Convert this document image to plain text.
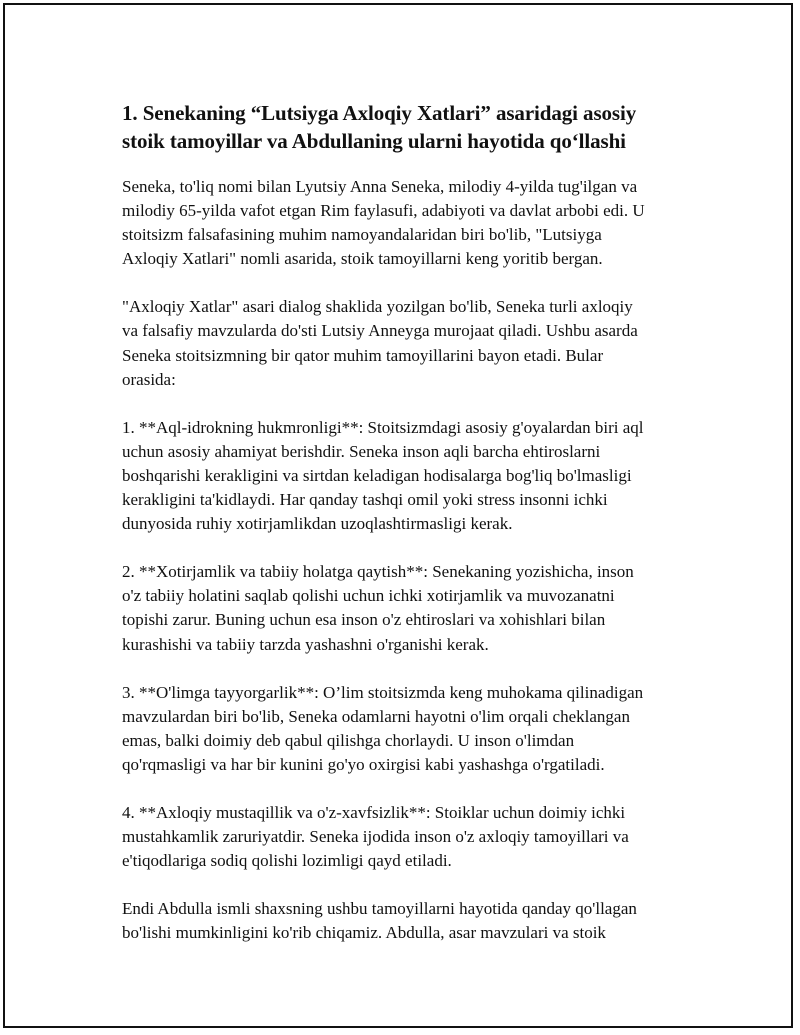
1. Senekaning “Lutsiyga Axloqiy Xatlari” asaridagi asosiy
stoik tamoyillar va Abdullaning ularni hayotida qo‘llashi

Seneka, to'liq nomi bilan Lyutsiy Anna Seneka, milodiy 4-yilda tug'ilgan va
milodiy 65-yilda vafot etgan Rim faylasufi, adabiyoti va davlat arbobi edi. U
stoitsizm falsafasining muhim namoyandalaridan biri bo'lib, "Lutsiyga
Axloqiy Xatlari" nomli asarida, stoik tamoyillarni keng yoritib bergan.

"Axloqiy Xatlar" asari dialog shaklida yozilgan bo'lib, Seneka turli axloqiy
va falsafiy mavzularda do'sti Lutsiy Anneyga murojaat qiladi. Ushbu asarda
Seneka stoitsizmning bir qator muhim tamoyillarini bayon etadi. Bular
orasida:

1. **Aql-idrokning hukmronligi**: Stoitsizmdagi asosiy g'oyalardan biri aql
uchun asosiy ahamiyat berishdir. Seneka inson aqli barcha ehtiroslarni
boshqarishi kerakligini va sirtdan keladigan hodisalarga bog'liq bo'lmasligi
kerakligini ta'kidlaydi. Har qanday tashqi omil yoki stress insonni ichki
dunyosida ruhiy xotirjamlikdan uzoqlashtirmasligi kerak.

2. **Xotirjamlik va tabiiy holatga qaytish**: Senekaning yozishicha, inson
o'z tabiiy holatini saqlab qolishi uchun ichki xotirjamlik va muvozanatni
topishi zarur. Buning uchun esa inson o'z ehtiroslari va xohishlari bilan
kurashishi va tabiiy tarzda yashashni o'rganishi kerak.

3. **O'limga tayyorgarlik**: O’lim stoitsizmda keng muhokama qilinadigan
mavzulardan biri bo'lib, Seneka odamlarni hayotni o'lim orqali cheklangan
emas, balki doimiy deb qabul qilishga chorlaydi. U inson o'limdan
qo'rqmasligi va har bir kunini go'yo oxirgisi kabi yashashga o'rgatiladi.

4. **Axloqiy mustaqillik va o'z-xavfsizlik**: Stoiklar uchun doimiy ichki
mustahkamlik zaruriyatdir. Seneka ijodida inson o'z axloqiy tamoyillari va
e'tiqodlariga sodiq qolishi lozimligi qayd etiladi.

Endi Abdulla ismli shaxsning ushbu tamoyillarni hayotida qanday qo'llagan
bo'lishi mumkinligini ko'rib chiqamiz. Abdulla, asar mavzulari va stoik
